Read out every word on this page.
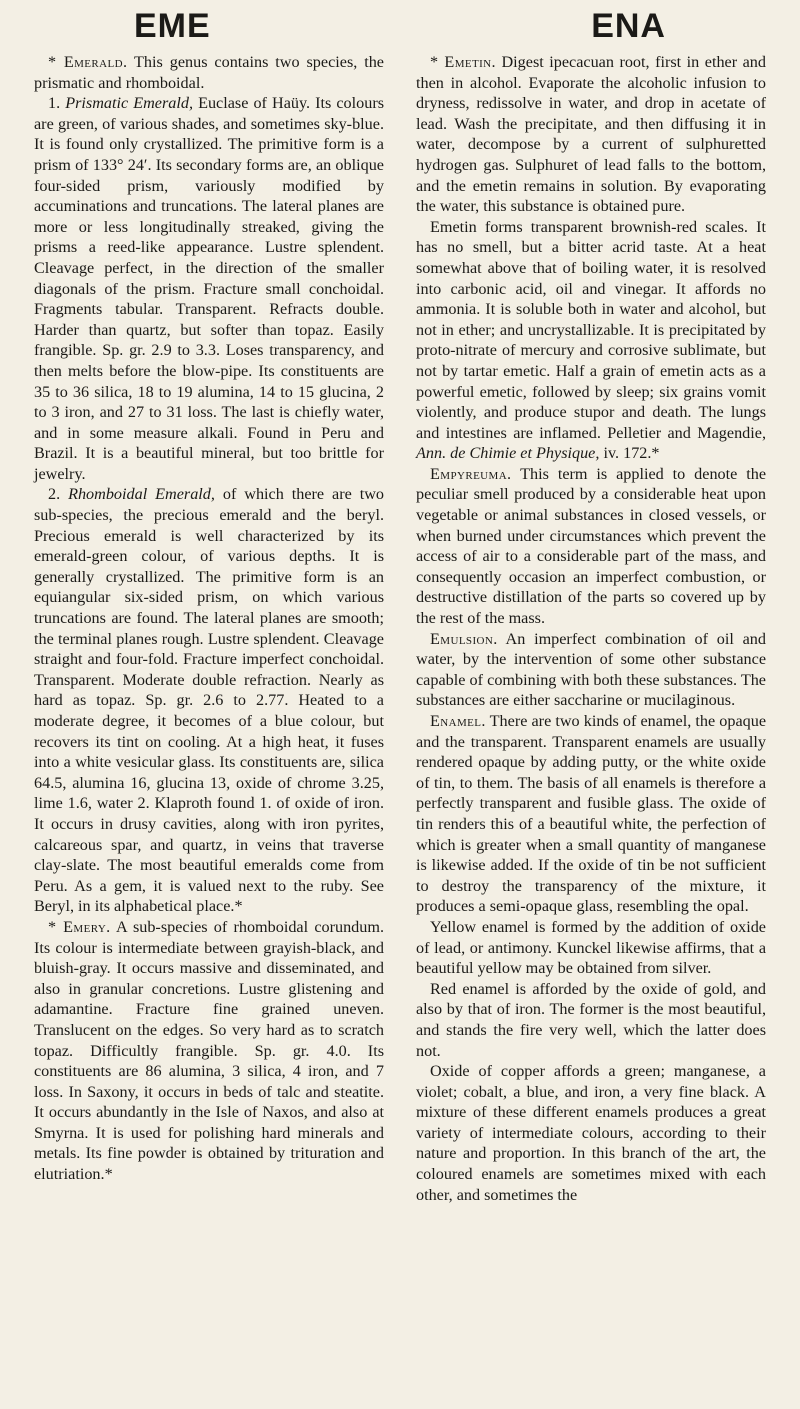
EME	ENA

* Emerald. This genus contains two species, the prismatic and rhomboidal.

1. Prismatic Emerald, Euclase of Haüy. Its colours are green, of various shades, and sometimes sky-blue. It is found only crystallized. The primitive form is a prism of 133° 24′. Its secondary forms are, an oblique four-sided prism, variously modified by accuminations and truncations. The lateral planes are more or less longitudinally streaked, giving the prisms a reed-like appearance. Lustre splendent. Cleavage perfect, in the direction of the smaller diagonals of the prism. Fracture small conchoidal. Fragments tabular. Transparent. Refracts double. Harder than quartz, but softer than topaz. Easily frangible. Sp. gr. 2.9 to 3.3. Loses transparency, and then melts before the blow-pipe. Its constituents are 35 to 36 silica, 18 to 19 alumina, 14 to 15 glucina, 2 to 3 iron, and 27 to 31 loss. The last is chiefly water, and in some measure alkali. Found in Peru and Brazil. It is a beautiful mineral, but too brittle for jewelry.

2. Rhomboidal Emerald, of which there are two sub-species, the precious emerald and the beryl. Precious emerald is well characterized by its emerald-green colour, of various depths. It is generally crystallized. The primitive form is an equiangular six-sided prism, on which various truncations are found. The lateral planes are smooth; the terminal planes rough. Lustre splendent. Cleavage straight and four-fold. Fracture imperfect conchoidal. Transparent. Moderate double refraction. Nearly as hard as topaz. Sp. gr. 2.6 to 2.77. Heated to a moderate degree, it becomes of a blue colour, but recovers its tint on cooling. At a high heat, it fuses into a white vesicular glass. Its constituents are, silica 64.5, alumina 16, glucina 13, oxide of chrome 3.25, lime 1.6, water 2. Klaproth found 1. of oxide of iron. It occurs in drusy cavities, along with iron pyrites, calcareous spar, and quartz, in veins that traverse clay-slate. The most beautiful emeralds come from Peru. As a gem, it is valued next to the ruby. See Beryl, in its alphabetical place.*

* Emery. A sub-species of rhomboidal corundum. Its colour is intermediate between grayish-black, and bluish-gray. It occurs massive and disseminated, and also in granular concretions. Lustre glistening and adamantine. Fracture fine grained uneven. Translucent on the edges. So very hard as to scratch topaz. Difficultly frangible. Sp. gr. 4.0. Its constituents are 86 alumina, 3 silica, 4 iron, and 7 loss. In Saxony, it occurs in beds of talc and steatite. It occurs abundantly in the Isle of Naxos, and also at Smyrna. It is used for polishing hard minerals and metals. Its fine powder is obtained by trituration and elutriation.*

* Emetin. Digest ipecacuan root, first in ether and then in alcohol. Evaporate the alcoholic infusion to dryness, redissolve in water, and drop in acetate of lead. Wash the precipitate, and then diffusing it in water, decompose by a current of sulphuretted hydrogen gas. Sulphuret of lead falls to the bottom, and the emetin remains in solution. By evaporating the water, this substance is obtained pure.

Emetin forms transparent brownish-red scales. It has no smell, but a bitter acrid taste. At a heat somewhat above that of boiling water, it is resolved into carbonic acid, oil and vinegar. It affords no ammonia. It is soluble both in water and alcohol, but not in ether; and uncrystallizable. It is precipitated by proto-nitrate of mercury and corrosive sublimate, but not by tartar emetic. Half a grain of emetin acts as a powerful emetic, followed by sleep; six grains vomit violently, and produce stupor and death. The lungs and intestines are inflamed. Pelletier and Magendie, Ann. de Chimie et Physique, iv. 172.*

Empyreuma. This term is applied to denote the peculiar smell produced by a considerable heat upon vegetable or animal substances in closed vessels, or when burned under circumstances which prevent the access of air to a considerable part of the mass, and consequently occasion an imperfect combustion, or destructive distillation of the parts so covered up by the rest of the mass.

Emulsion. An imperfect combination of oil and water, by the intervention of some other substance capable of combining with both these substances. The substances are either saccharine or mucilaginous.

Enamel. There are two kinds of enamel, the opaque and the transparent. Transparent enamels are usually rendered opaque by adding putty, or the white oxide of tin, to them. The basis of all enamels is therefore a perfectly transparent and fusible glass. The oxide of tin renders this of a beautiful white, the perfection of which is greater when a small quantity of manganese is likewise added. If the oxide of tin be not sufficient to destroy the transparency of the mixture, it produces a semi-opaque glass, resembling the opal.

Yellow enamel is formed by the addition of oxide of lead, or antimony. Kunckel likewise affirms, that a beautiful yellow may be obtained from silver.

Red enamel is afforded by the oxide of gold, and also by that of iron. The former is the most beautiful, and stands the fire very well, which the latter does not.

Oxide of copper affords a green; manganese, a violet; cobalt, a blue, and iron, a very fine black. A mixture of these different enamels produces a great variety of intermediate colours, according to their nature and proportion. In this branch of the art, the coloured enamels are sometimes mixed with each other, and sometimes the
